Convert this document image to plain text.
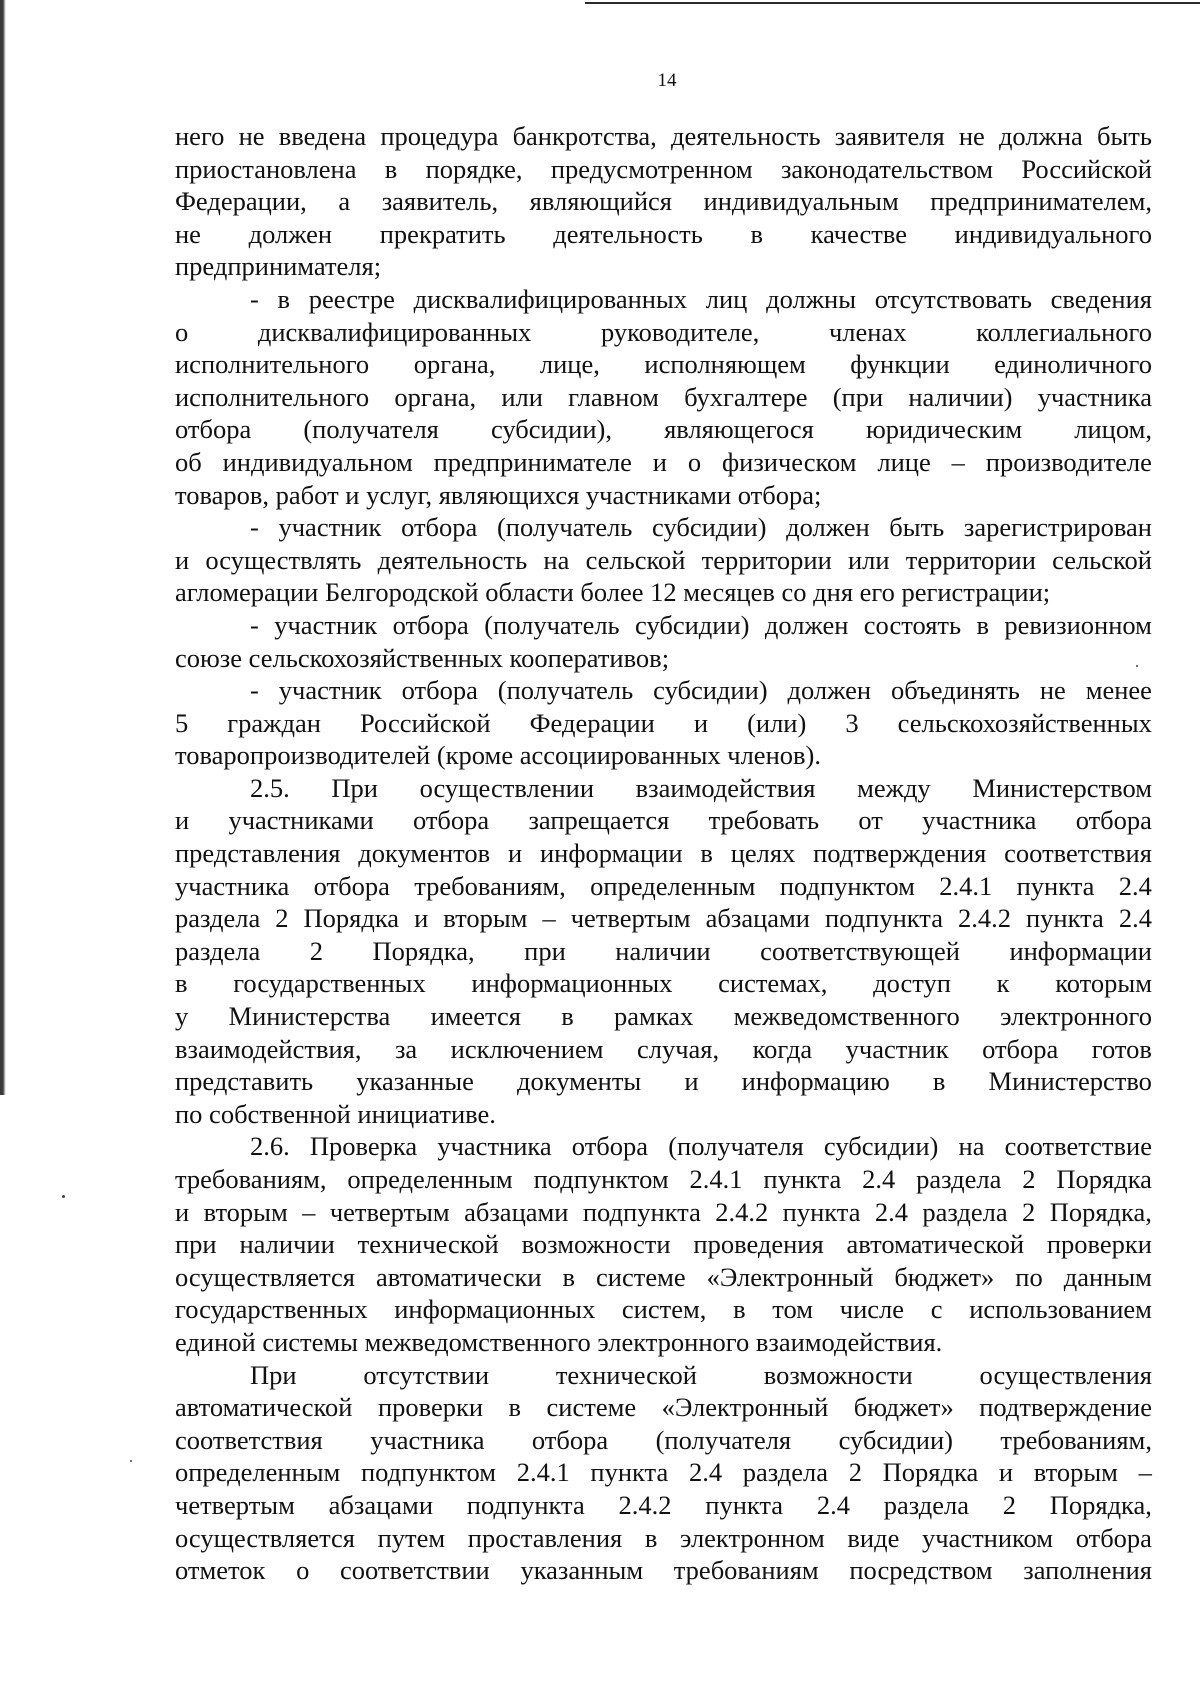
14
него не введена процедура банкротства, деятельность заявителя не должна быть
приостановлена в порядке, предусмотренном законодательством Российской
Федерации, а заявитель, являющийся индивидуальным предпринимателем,
не должен прекратить деятельность в качестве индивидуального
предпринимателя;
- в реестре дисквалифицированных лиц должны отсутствовать сведения
о	дисквалифицированных	руководителе,	членах	коллегиального
исполнительного органа, лице, исполняющем функции единоличного
исполнительного органа, или главном бухгалтере (при наличии) участника
отбора (получателя субсидии), являющегося юридическим лицом,
об индивидуальном предпринимателе и о физическом лице – производителе
товаров, работ и услуг, являющихся участниками отбора;
- участник отбора (получатель субсидии) должен быть зарегистрирован
и осуществлять деятельность на сельской территории или территории сельской
агломерации Белгородской области более 12 месяцев со дня его регистрации;
- участник отбора (получатель субсидии) должен состоять в ревизионном
союзе сельскохозяйственных кооперативов;
- участник отбора (получатель субсидии) должен объединять не менее
5 граждан Российской Федерации и (или) 3 сельскохозяйственных
товаропроизводителей (кроме ассоциированных членов).
2.5. При осуществлении взаимодействия между Министерством
и участниками отбора запрещается требовать от участника отбора
представления документов и информации в целях подтверждения соответствия
участника отбора требованиям, определенным подпунктом 2.4.1 пункта 2.4
раздела 2 Порядка и вторым – четвертым абзацами подпункта 2.4.2 пункта 2.4
раздела 2 Порядка, при наличии соответствующей информации
в государственных информационных системах, доступ к которым
у Министерства имеется в рамках межведомственного электронного
взаимодействия, за исключением случая, когда участник отбора готов
представить указанные документы и информацию в Министерство
по собственной инициативе.
2.6. Проверка участника отбора (получателя субсидии) на соответствие
требованиям, определенным подпунктом 2.4.1 пункта 2.4 раздела 2 Порядка
и вторым – четвертым абзацами подпункта 2.4.2 пункта 2.4 раздела 2 Порядка,
при наличии технической возможности проведения автоматической проверки
осуществляется автоматически в системе «Электронный бюджет» по данным
государственных информационных систем, в том числе с использованием
единой системы межведомственного электронного взаимодействия.
При	отсутствии	технической	возможности	осуществления
автоматической проверки в системе «Электронный бюджет» подтверждение
соответствия участника отбора (получателя субсидии) требованиям,
определенным подпунктом 2.4.1 пункта 2.4 раздела 2 Порядка и вторым –
четвертым абзацами подпункта 2.4.2 пункта 2.4 раздела 2 Порядка,
осуществляется путем проставления в электронном виде участником отбора
отметок о соответствии указанным требованиям посредством заполнения
